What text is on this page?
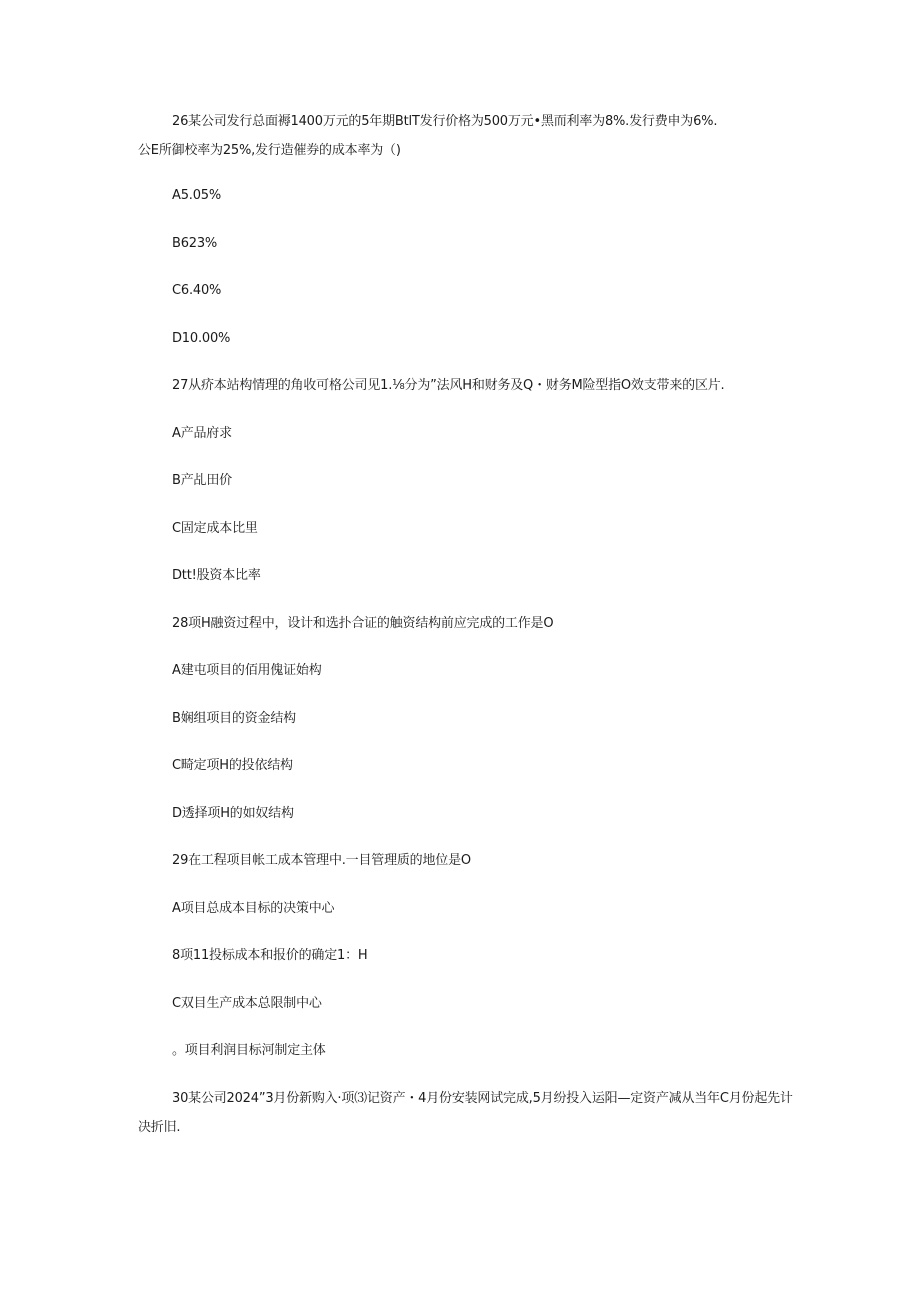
26某公司发行总面褥1400万元的5年期BtlT发行价格为500万元•黑而利率为8%.发行费申为6%.
公E所御校率为25%,发行造催券的成本率为（)
A5.05%
B623%
C6.40%
D10.00%
27从疥本站构情理的角收可格公司见1.⅛分为”法风H和财务及Q・财务M险型指O效支带来的区片.
A产品府求
B产乩田价
C固定成本比里
Dtt!股资本比率
28项H融资过程中，设计和选扑合证的触资结构前应完成的工作是O
A建屯项目的佰用傀证始构
B娴组项目的资金结构
C畸定项H的投依结构
D透择项H的如奴结构
29在工程项目帐工成本管理中.一目管理质的地位是O
A项目总成本目标的决策中心
8项11投标成本和报价的确定1：H
C双目生产成本总限制中心
。项目利润目标河制定主体
30某公司2024”3月份新购入·项⑶记资产・4月份安装网试完成,5月纷投入运阳—定资产减从当年C月份起先计
决折旧.
